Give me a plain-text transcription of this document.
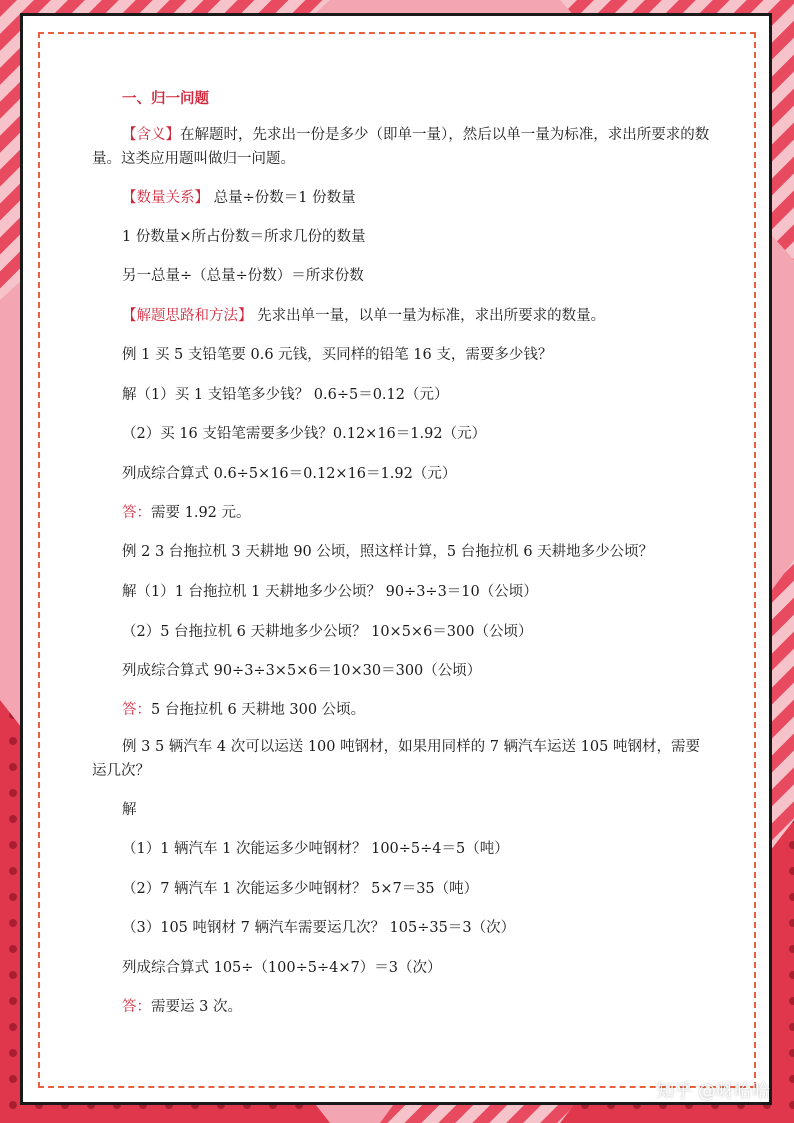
一、归一问题
【含义】在解题时，先求出一份是多少（即单一量），然后以单一量为标准，求出所要求的数量。这类应用题叫做归一问题。
【数量关系】 总量÷份数＝1 份数量
1 份数量×所占份数＝所求几份的数量
另一总量÷（总量÷份数）＝所求份数
【解题思路和方法】 先求出单一量，以单一量为标准，求出所要求的数量。
例 1 买 5 支铅笔要 0.6 元钱，买同样的铅笔 16 支，需要多少钱？
解（1）买 1 支铅笔多少钱？ 0.6÷5＝0.12（元）
（2）买 16 支铅笔需要多少钱？0.12×16＝1.92（元）
列成综合算式 0.6÷5×16＝0.12×16＝1.92（元）
答：需要 1.92 元。
例 2 3 台拖拉机 3 天耕地 90 公顷，照这样计算，5 台拖拉机 6 天耕地多少公顷？
解（1）1 台拖拉机 1 天耕地多少公顷？ 90÷3÷3＝10（公顷）
（2）5 台拖拉机 6 天耕地多少公顷？ 10×5×6＝300（公顷）
列成综合算式 90÷3÷3×5×6＝10×30＝300（公顷）
答：5 台拖拉机 6 天耕地 300 公顷。
例 3 5 辆汽车 4 次可以运送 100 吨钢材，如果用同样的 7 辆汽车运送 105 吨钢材，需要运几次？
解
（1）1 辆汽车 1 次能运多少吨钢材？ 100÷5÷4＝5（吨）
（2）7 辆汽车 1 次能运多少吨钢材？ 5×7＝35（吨）
（3）105 吨钢材 7 辆汽车需要运几次？ 105÷35＝3（次）
列成综合算式 105÷（100÷5÷4×7）＝3（次）
答：需要运 3 次。
知乎 @呀哈哈
